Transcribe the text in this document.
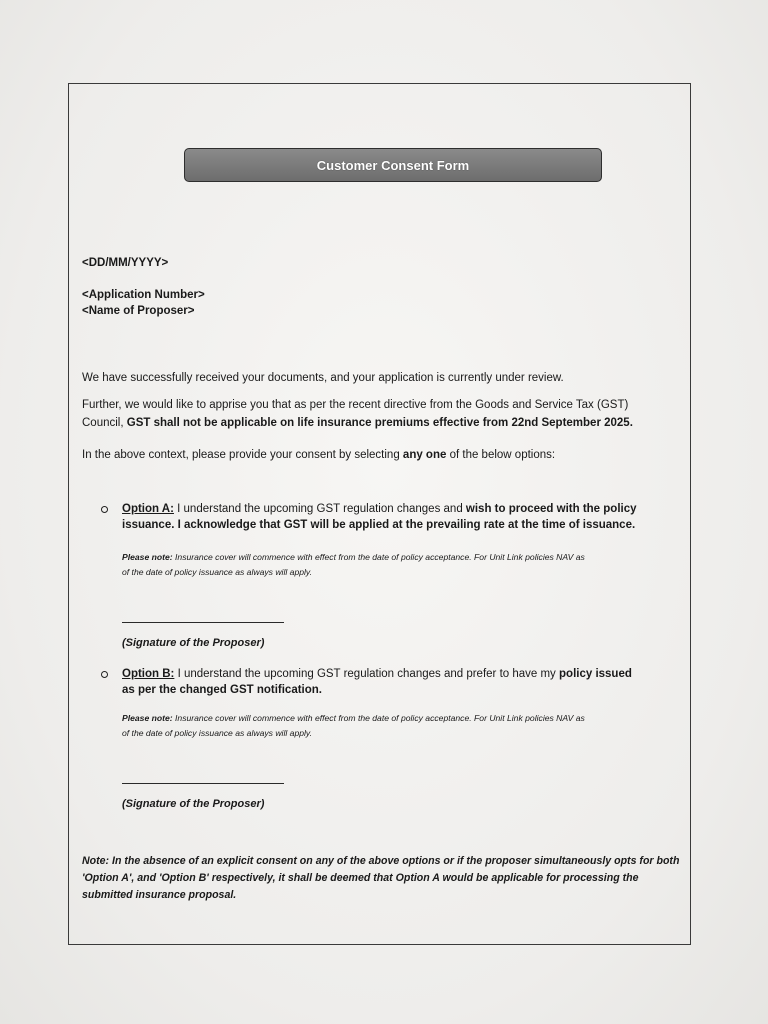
Customer Consent Form
<DD/MM/YYYY>
<Application Number>
<Name of Proposer>
We have successfully received your documents, and your application is currently under review.
Further, we would like to apprise you that as per the recent directive from the Goods and Service Tax (GST)
Council, GST shall not be applicable on life insurance premiums effective from 22nd September 2025.
In the above context, please provide your consent by selecting any one of the below options:
Option A: I understand the upcoming GST regulation changes and wish to proceed with the policy
issuance. I acknowledge that GST will be applied at the prevailing rate at the time of issuance.
Please note: Insurance cover will commence with effect from the date of policy acceptance. For Unit Link policies NAV as
of the date of policy issuance as always will apply.
(Signature of the Proposer)
Option B: I understand the upcoming GST regulation changes and prefer to have my policy issued
as per the changed GST notification.
Please note: Insurance cover will commence with effect from the date of policy acceptance. For Unit Link policies NAV as
of the date of policy issuance as always will apply.
(Signature of the Proposer)
Note: In the absence of an explicit consent on any of the above options or if the proposer simultaneously opts for both 'Option A', and 'Option B' respectively, it shall be deemed that Option A would be applicable for processing the submitted insurance proposal.
